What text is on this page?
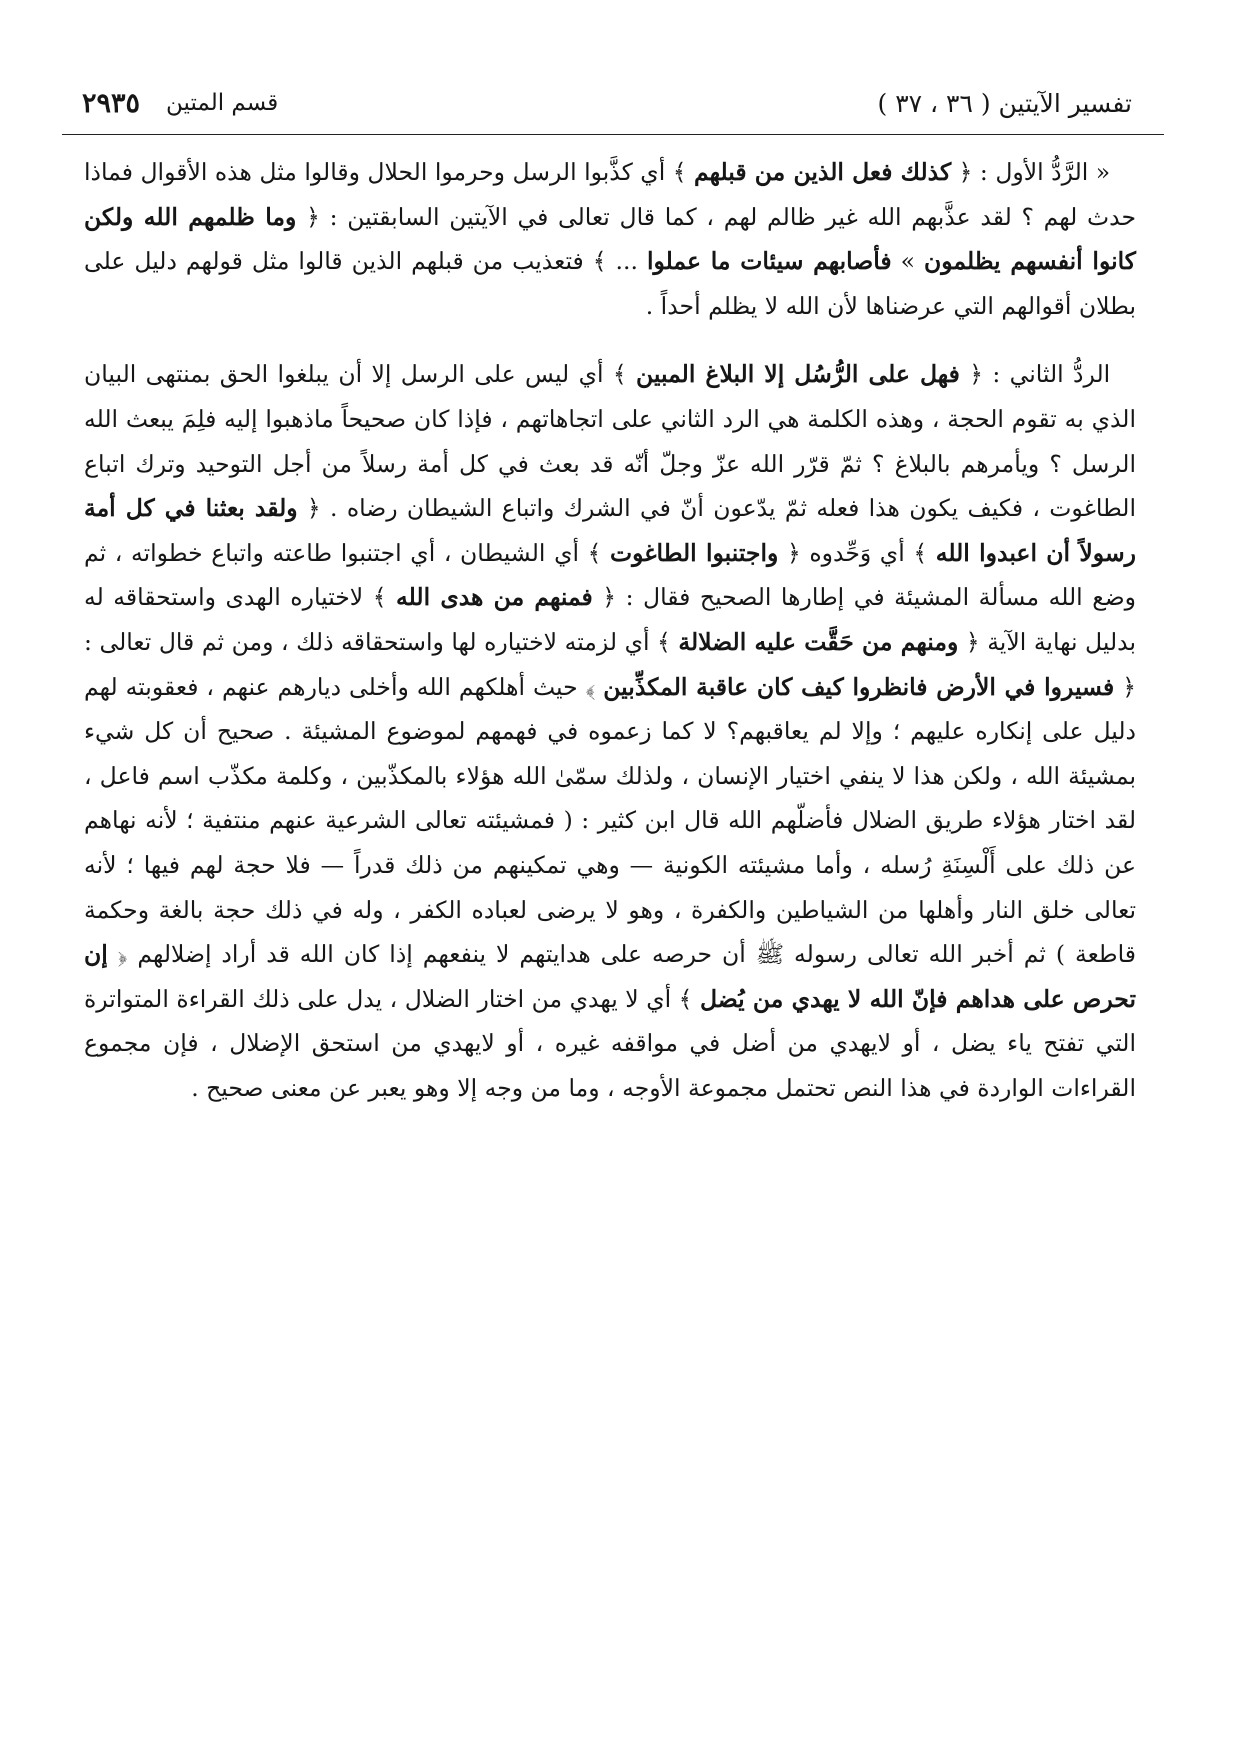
تفسير الآيتين ( ٣٦ ، ٣٧ )
قسم المتين
٢٩٣٥

« الرَّدُّ الأول : ﴿ كذلك فعل الذين من قبلهم ﴾ أي كذَّبوا الرسل وحرموا الحلال وقالوا مثل هذه الأقوال فماذا حدث لهم ؟ لقد عذَّبهم الله غير ظالم لهم ، كما قال تعالى في الآيتين السابقتين : ﴿ وما ظلمهم الله ولكن كانوا أنفسهم يظلمون » فأصابهم سيئات ما عملوا ... ﴾ فتعذيب من قبلهم الذين قالوا مثل قولهم دليل على بطلان أقوالهم التي عرضناها لأن الله لا يظلم أحداً .

الردُّ الثاني : ﴿ فهل على الرُّسُل إلا البلاغ المبين ﴾ أي ليس على الرسل إلا أن يبلغوا الحق بمنتهى البيان الذي به تقوم الحجة ، وهذه الكلمة هي الرد الثاني على اتجاهاتهم ، فإذا كان صحيحاً ماذهبوا إليه فلِمَ يبعث الله الرسل ؟ ويأمرهم بالبلاغ ؟ ثمّ قرّر الله عزّ وجلّ أنّه قد بعث في كل أمة رسلاً من أجل التوحيد وترك اتباع الطاغوت ، فكيف يكون هذا فعله ثمّ يدّعون أنّ في الشرك واتباع الشيطان رضاه . ﴿ ولقد بعثنا في كل أمة رسولاً أن اعبدوا الله ﴾ أي وَحِّدوه ﴿ واجتنبوا الطاغوت ﴾ أي الشيطان ، أي اجتنبوا طاعته واتباع خطواته ، ثم وضع الله مسألة المشيئة في إطارها الصحيح فقال : ﴿ فمنهم من هدى الله ﴾ لاختياره الهدى واستحقاقه له بدليل نهاية الآية ﴿ ومنهم من حَقَّت عليه الضلالة ﴾ أي لزمته لاختياره لها واستحقاقه ذلك ، ومن ثم قال تعالى : ﴿ فسيروا في الأرض فانظروا كيف كان عاقبة المكذِّبين ﴾ حيث أهلكهم الله وأخلى ديارهم عنهم ، فعقوبته لهم دليل على إنكاره عليهم ؛ وإلا لم يعاقبهم؟ لا كما زعموه في فهمهم لموضوع المشيئة . صحيح أن كل شيء بمشيئة الله ، ولكن هذا لا ينفي اختيار الإنسان ، ولذلك سمّىٰ الله هؤلاء بالمكذّبين ، وكلمة مكذّب اسم فاعل ، لقد اختار هؤلاء طريق الضلال فأضلّهم الله قال ابن كثير : ( فمشيئته تعالى الشرعية عنهم منتفية ؛ لأنه نهاهم عن ذلك على أَلْسِنَةِ رُسله ، وأما مشيئته الكونية — وهي تمكينهم من ذلك قدراً — فلا حجة لهم فيها ؛ لأنه تعالى خلق النار وأهلها من الشياطين والكفرة ، وهو لا يرضى لعباده الكفر ، وله في ذلك حجة بالغة وحكمة قاطعة ) ثم أخبر الله تعالى رسوله ﷺ أن حرصه على هدايتهم لا ينفعهم إذا كان الله قد أراد إضلالهم ﴿ إن تحرص على هداهم فإنّ الله لا يهدي من يُضل ﴾ أي لا يهدي من اختار الضلال ، يدل على ذلك القراءة المتواترة التي تفتح ياء يضل ، أو لايهدي من أضل في مواقفه غيره ، أو لايهدي من استحق الإضلال ، فإن مجموع القراءات الواردة في هذا النص تحتمل مجموعة الأوجه ، وما من وجه إلا وهو يعبر عن معنى صحيح .
